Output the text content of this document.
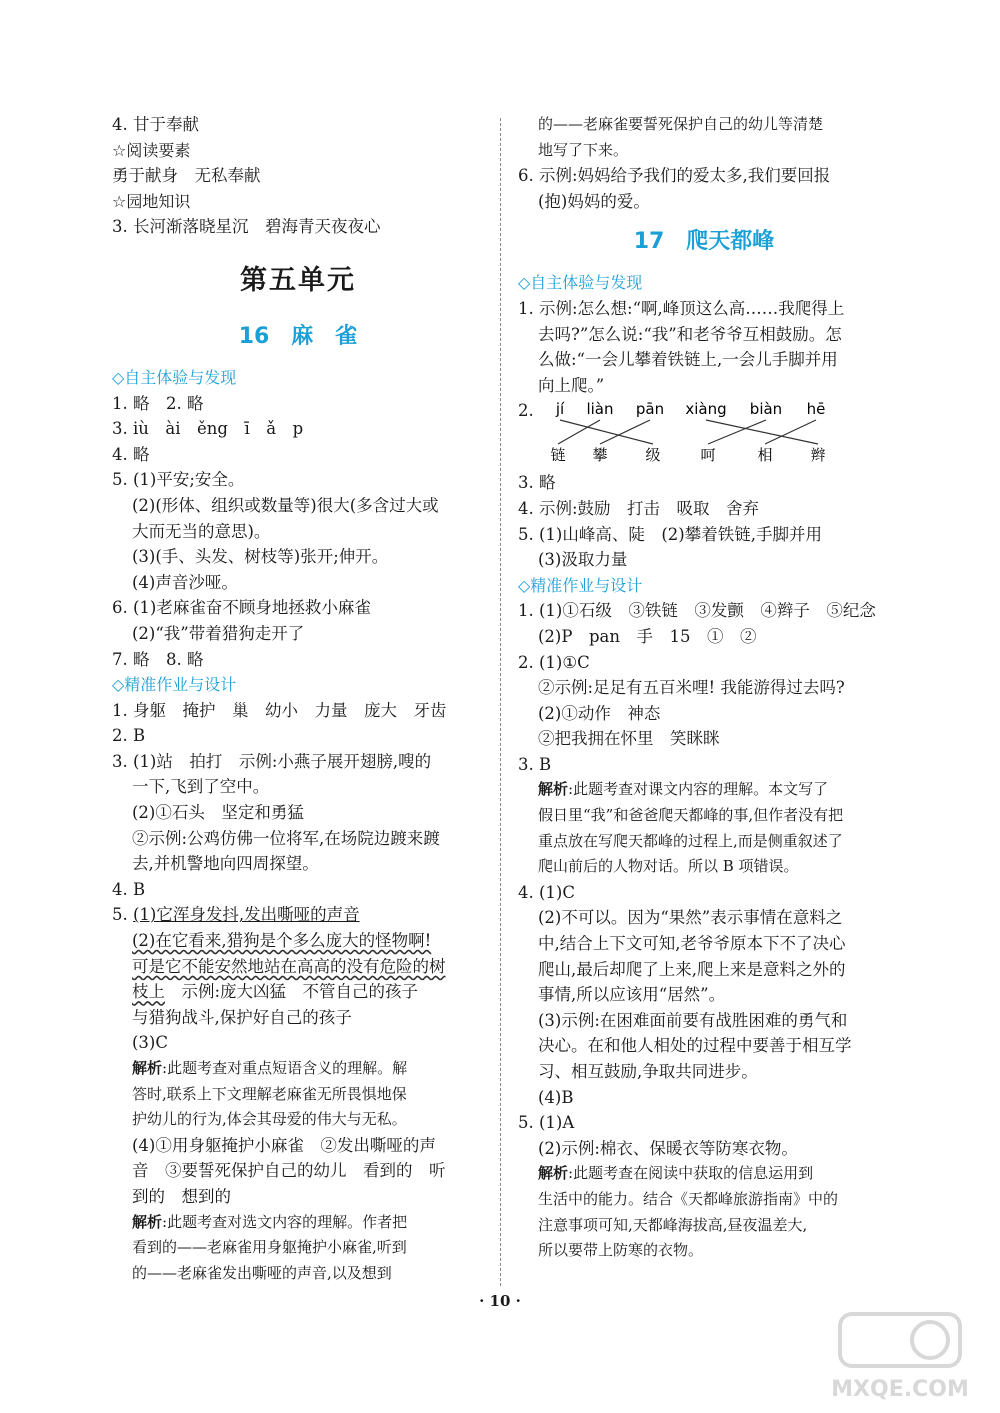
4. 甘于奉献
☆阅读要素
勇于献身　无私奉献
☆园地知识
3. 长河渐落晓星沉　碧海青天夜夜心
第五单元
16　麻　雀
◇自主体验与发现
1. 略　2. 略
3. iù　ài　ěng　ī　ǎ　p
4. 略
5. (1)平安;安全。
(2)(形体、组织或数量等)很大(多含过大或
大而无当的意思)。
(3)(手、头发、树枝等)张开;伸开。
(4)声音沙哑。
6. (1)老麻雀奋不顾身地拯救小麻雀
(2)“我”带着猎狗走开了
7. 略　8. 略
◇精准作业与设计
1. 身躯　掩护　巢　幼小　力量　庞大　牙齿
2. B
3. (1)站　拍打　示例:小燕子展开翅膀,嗖的
一下,飞到了空中。
(2)①石头　坚定和勇猛
②示例:公鸡仿佛一位将军,在场院边踱来踱
去,并机警地向四周探望。
4. B
5. (1)它浑身发抖,发出嘶哑的声音
(2)在它看来,猎狗是个多么庞大的怪物啊!
可是它不能安然地站在高高的没有危险的树
枝上　示例:庞大凶猛　不管自己的孩子
与猎狗战斗,保护好自己的孩子
(3)C
解析:此题考查对重点短语含义的理解。解
答时,联系上下文理解老麻雀无所畏惧地保
护幼儿的行为,体会其母爱的伟大与无私。
(4)①用身躯掩护小麻雀　②发出嘶哑的声
音　③要誓死保护自己的幼儿　看到的　听
到的　想到的
解析:此题考查对选文内容的理解。作者把
看到的——老麻雀用身躯掩护小麻雀,听到
的——老麻雀发出嘶哑的声音,以及想到
的——老麻雀要誓死保护自己的幼儿等清楚
地写了下来。
6. 示例:妈妈给予我们的爱太多,我们要回报
(抱)妈妈的爱。
17　爬天都峰
◇自主体验与发现
1. 示例:怎么想:“啊,峰顶这么高……我爬得上
去吗?”怎么说:“我”和老爷爷互相鼓励。怎
么做:“一会儿攀着铁链上,一会儿手脚并用
向上爬。”
2. jí liàn pān xiàng biàn hē
链 攀	级	呵	相	辫
3. 略
4. 示例:鼓励　打击　吸取　舍弃
5. (1)山峰高、陡　(2)攀着铁链,手脚并用
(3)汲取力量
◇精准作业与设计
1. (1)①石级　③铁链　③发颤　④辫子　⑤纪念
(2)P　pan　手　15　①　②
2. (1)①C
②示例:足足有五百米哩! 我能游得过去吗?
(2)①动作　神态
②把我拥在怀里　笑眯眯
3. B
解析:此题考查对课文内容的理解。本文写了
假日里“我”和爸爸爬天都峰的事,但作者没有把
重点放在写爬天都峰的过程上,而是侧重叙述了
爬山前后的人物对话。所以 B 项错误。
4. (1)C
(2)不可以。因为“果然”表示事情在意料之
中,结合上下文可知,老爷爷原本下不了决心
爬山,最后却爬了上来,爬上来是意料之外的
事情,所以应该用“居然”。
(3)示例:在困难面前要有战胜困难的勇气和
决心。在和他人相处的过程中要善于相互学
习、相互鼓励,争取共同进步。
(4)B
5. (1)A
(2)示例:棉衣、保暖衣等防寒衣物。
解析:此题考查在阅读中获取的信息运用到
生活中的能力。结合《天都峰旅游指南》中的
注意事项可知,天都峰海拔高,昼夜温差大,
所以要带上防寒的衣物。
· 10 ·
MXQE.COM
